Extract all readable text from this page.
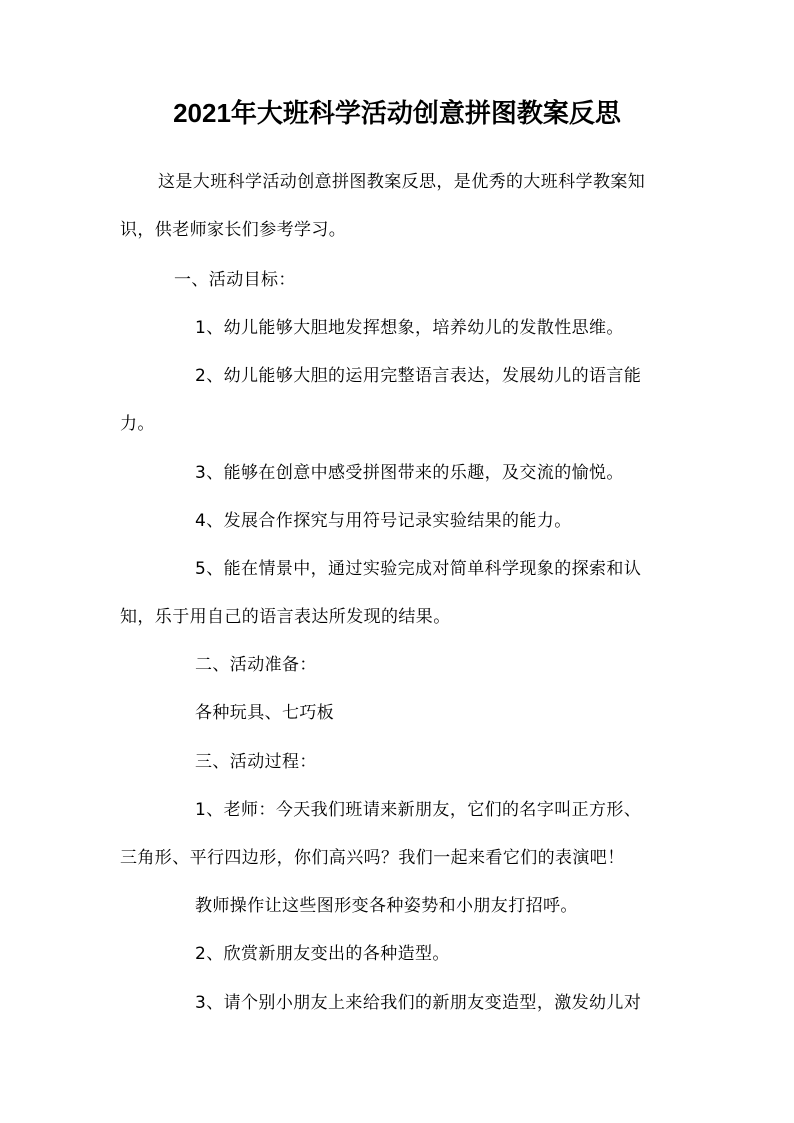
2021年大班科学活动创意拼图教案反思

这是大班科学活动创意拼图教案反思，是优秀的大班科学教案知

识，供老师家长们参考学习。

一、活动目标：

1、幼儿能够大胆地发挥想象，培养幼儿的发散性思维。

2、幼儿能够大胆的运用完整语言表达，发展幼儿的语言能

力。

3、能够在创意中感受拼图带来的乐趣，及交流的愉悦。

4、发展合作探究与用符号记录实验结果的能力。

5、能在情景中，通过实验完成对简单科学现象的探索和认

知，乐于用自己的语言表达所发现的结果。

二、活动准备：

各种玩具、七巧板

三、活动过程：

1、老师：今天我们班请来新朋友，它们的名字叫正方形、

三角形、平行四边形，你们高兴吗？我们一起来看它们的表演吧！

教师操作让这些图形变各种姿势和小朋友打招呼。

2、欣赏新朋友变出的各种造型。

3、请个别小朋友上来给我们的新朋友变造型，激发幼儿对
